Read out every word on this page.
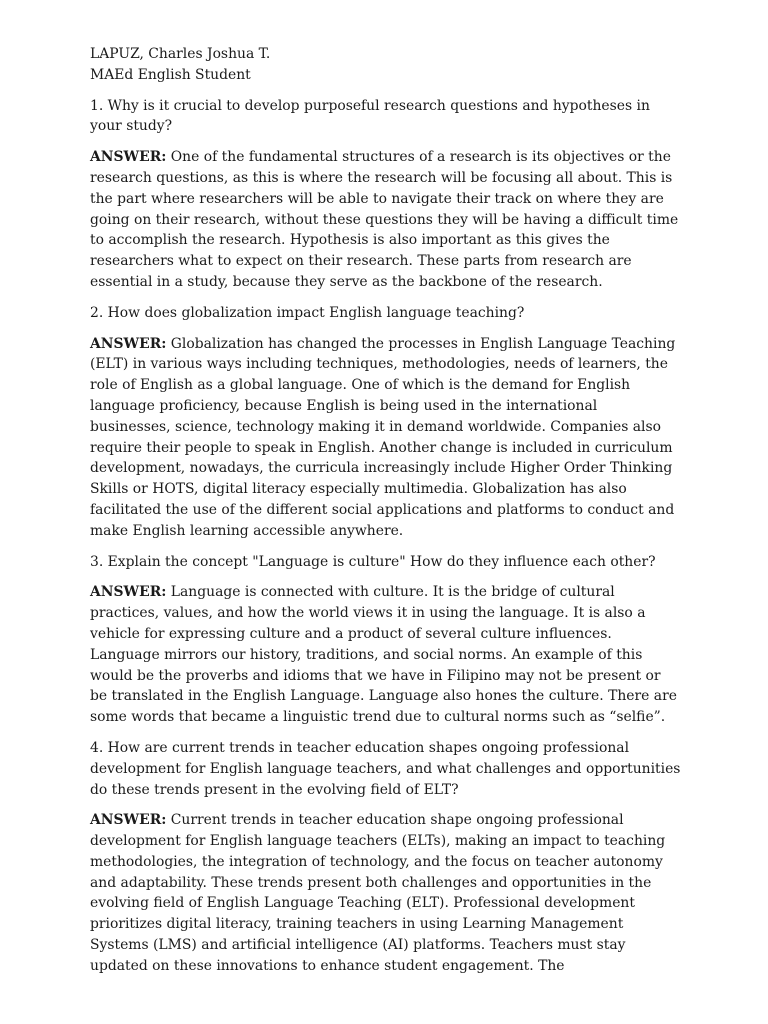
LAPUZ, Charles Joshua T.

MAEd English Student

1. Why is it crucial to develop purposeful research questions and hypotheses in your study?

ANSWER: One of the fundamental structures of a research is its objectives or the research questions, as this is where the research will be focusing all about. This is the part where researchers will be able to navigate their track on where they are going on their research, without these questions they will be having a difficult time to accomplish the research. Hypothesis is also important as this gives the researchers what to expect on their research. These parts from research are essential in a study, because they serve as the backbone of the research.

2. How does globalization impact English language teaching?

ANSWER: Globalization has changed the processes in English Language Teaching (ELT) in various ways including techniques, methodologies, needs of learners, the role of English as a global language. One of which is the demand for English language proficiency, because English is being used in the international businesses, science, technology making it in demand worldwide. Companies also require their people to speak in English. Another change is included in curriculum development, nowadays, the curricula increasingly include Higher Order Thinking Skills or HOTS, digital literacy especially multimedia. Globalization has also facilitated the use of the different social applications and platforms to conduct and make English learning accessible anywhere.

3. Explain the concept "Language is culture" How do they influence each other?

ANSWER: Language is connected with culture. It is the bridge of cultural practices, values, and how the world views it in using the language. It is also a vehicle for expressing culture and a product of several culture influences. Language mirrors our history, traditions, and social norms. An example of this would be the proverbs and idioms that we have in Filipino may not be present or be translated in the English Language. Language also hones the culture. There are some words that became a linguistic trend due to cultural norms such as “selfie”.

4. How are current trends in teacher education shapes ongoing professional development for English language teachers, and what challenges and opportunities do these trends present in the evolving field of ELT?

ANSWER: Current trends in teacher education shape ongoing professional development for English language teachers (ELTs), making an impact to teaching methodologies, the integration of technology, and the focus on teacher autonomy and adaptability. These trends present both challenges and opportunities in the evolving field of English Language Teaching (ELT). Professional development prioritizes digital literacy, training teachers in using Learning Management Systems (LMS) and artificial intelligence (AI) platforms. Teachers must stay updated on these innovations to enhance student engagement. The
